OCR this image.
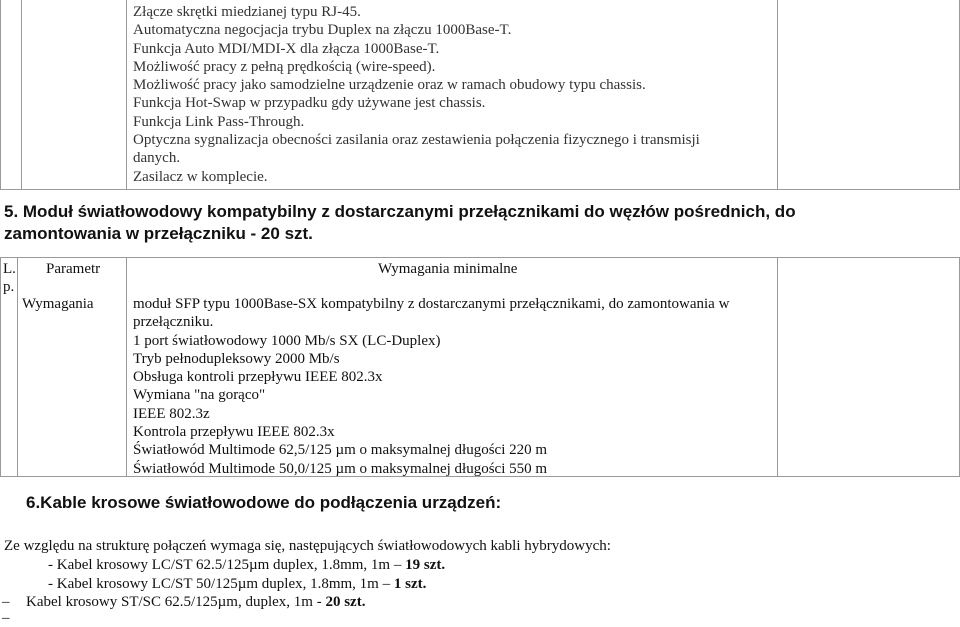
Złącze skrętki miedzianej typu RJ-45.
Automatyczna negocjacja trybu Duplex na złączu 1000Base-T.
Funkcja Auto MDI/MDI-X dla złącza 1000Base-T.
Możliwość pracy z pełną prędkością (wire-speed).
Możliwość pracy jako samodzielne urządzenie oraz w ramach obudowy typu chassis.
Funkcja Hot-Swap w przypadku gdy używane jest chassis.
Funkcja Link Pass-Through.
Optyczna sygnalizacja obecności zasilania oraz zestawienia połączenia fizycznego i transmisji
danych.
Zasilacz w komplecie.
5. Moduł światłowodowy kompatybilny z dostarczanymi przełącznikami do węzłów pośrednich, do
zamontowania w przełączniku - 20 szt.
L.
p.
Parametr	Wymagania minimalne
Wymagania	moduł SFP typu 1000Base-SX kompatybilny z dostarczanymi przełącznikami, do zamontowania w
przełączniku.
1 port światłowodowy 1000 Mb/s SX (LC-Duplex)
Tryb pełnodupleksowy 2000 Mb/s
Obsługa kontroli przepływu IEEE 802.3x
Wymiana "na gorąco"
IEEE 802.3z
Kontrola przepływu IEEE 802.3x
Światłowód Multimode 62,5/125 µm o maksymalnej długości 220 m
Światłowód Multimode 50,0/125 µm o maksymalnej długości 550 m
6.Kable krosowe światłowodowe do podłączenia urządzeń:
Ze względu na strukturę połączeń wymaga się, następujących światłowodowych kabli hybrydowych:
- Kabel krosowy LC/ST 62.5/125µm duplex, 1.8mm, 1m – 19 szt.
- Kabel krosowy LC/ST 50/125µm duplex, 1.8mm, 1m – 1 szt.
– Kabel krosowy ST/SC 62.5/125µm, duplex, 1m - 20 szt.
–
